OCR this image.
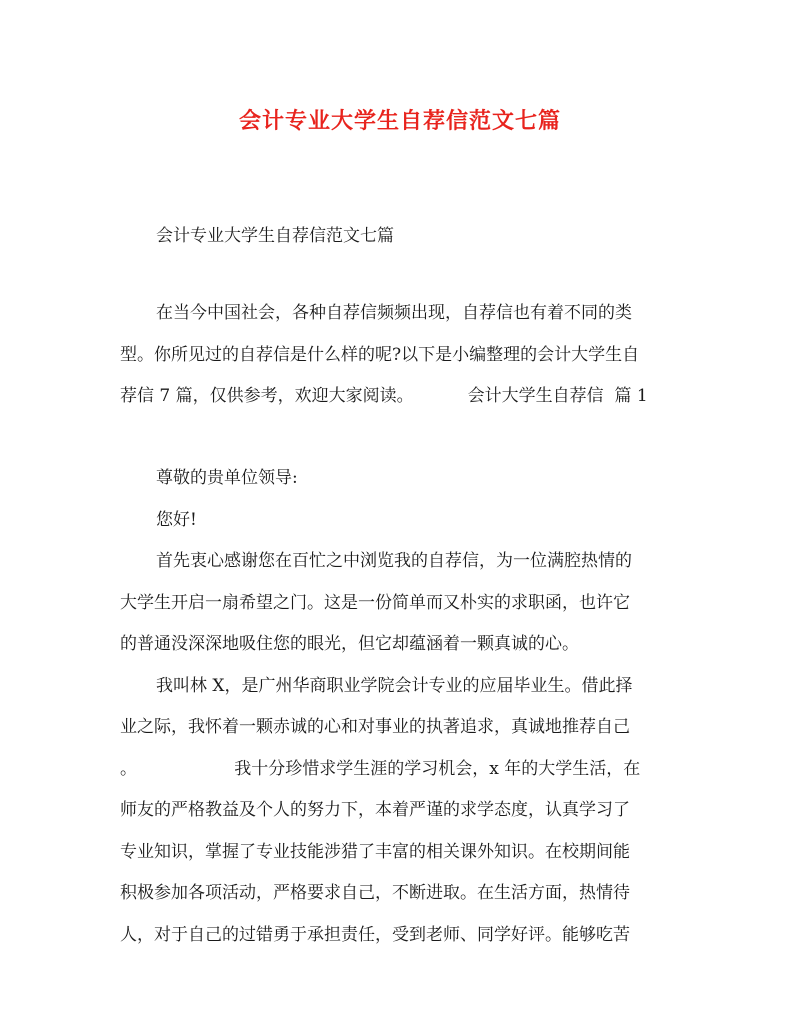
会计专业大学生自荐信范文七篇
会计专业大学生自荐信范文七篇
在当今中国社会，各种自荐信频频出现，自荐信也有着不同的类
型。你所见过的自荐信是什么样的呢?以下是小编整理的会计大学生自
荐信 7 篇，仅供参考，欢迎大家阅读。          会计大学生自荐信  篇 1
尊敬的贵单位领导:
您好!
首先衷心感谢您在百忙之中浏览我的自荐信，为一位满腔热情的
大学生开启一扇希望之门。这是一份简单而又朴实的求职函，也许它
的普通没深深地吸住您的眼光，但它却蕴涵着一颗真诚的心。
我叫林 X，是广州华商职业学院会计专业的应届毕业生。借此择
业之际，我怀着一颗赤诚的心和对事业的执著追求，真诚地推荐自己
。                  我十分珍惜求学生涯的学习机会，x 年的大学生活，在
师友的严格教益及个人的努力下，本着严谨的求学态度，认真学习了
专业知识，掌握了专业技能涉猎了丰富的相关课外知识。在校期间能
积极参加各项活动，严格要求自己，不断进取。在生活方面，热情待
人，对于自己的过错勇于承担责任，受到老师、同学好评。能够吃苦
